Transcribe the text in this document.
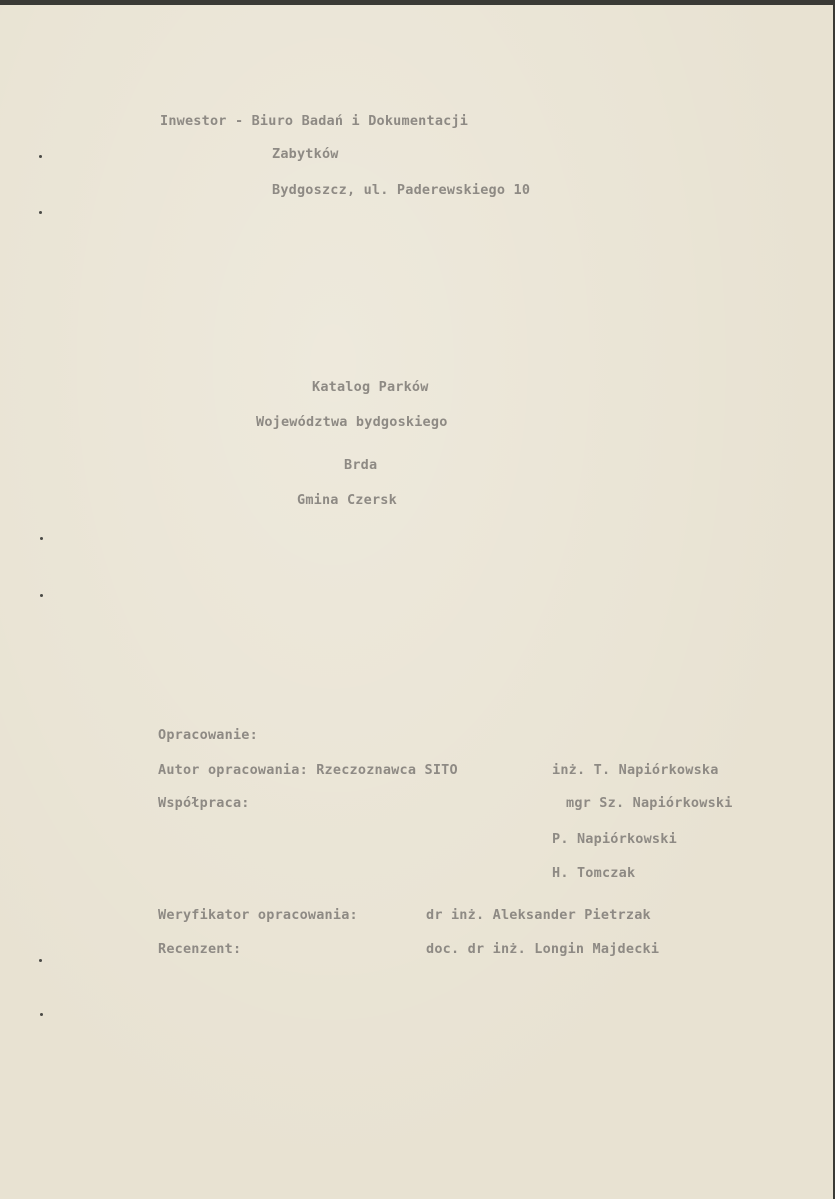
Inwestor - Biuro Badań i Dokumentacji
Zabytków
Bydgoszcz, ul. Paderewskiego 10
Katalog Parków
Województwa bydgoskiego
Brda
Gmina Czersk
Opracowanie:
Autor opracowania: Rzeczoznawca SITO	inż. T. Napiórkowska
Współpraca:	mgr Sz. Napiórkowski
P. Napiórkowski
H. Tomczak
Weryfikator opracowania:	dr inż. Aleksander Pietrzak
Recenzent:	doc. dr inż. Longin Majdecki
